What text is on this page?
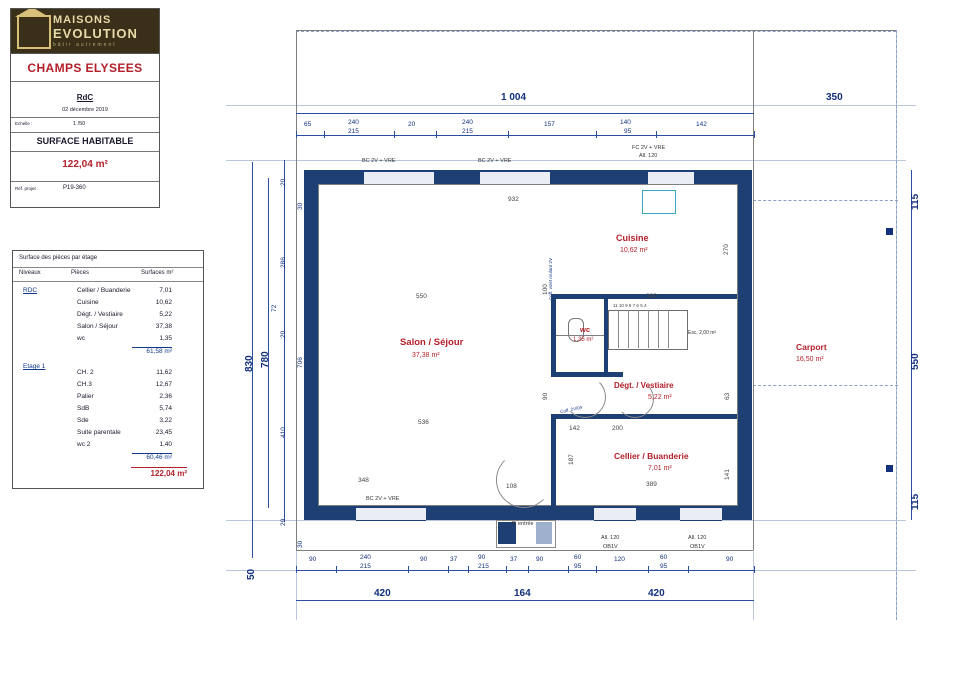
MAISONS
EVOLUTION
bâtir autrement
CHAMPS ELYSEES
RdC
02 décembre 2019
Echelle :	1 /50
SURFACE HABITABLE
122,04 m²
Réf. projet :	P19-360
Surface des pièces par étage
Niveaux	Pièces	Surfaces m²
RDC	Cellier / Buanderie	7,01
Cuisine	10,62
Dégt. / Vestiaire	5,22
Salon / Séjour	37,38
wc	1,35
61,58 m²
Etage 1
CH. 2	11,62
CH.3	12,67
Palier	2,36
SdB	5,74
Sde	3,22
Suite parentale	23,45
wc 2	1,40
60,46 m²
122,04 m²
11 10 9 8 7 6 5 4
Esc. 2,00 m²
P. entrée
Cuisine
10,62 m²
Salon / Séjour
37,38 m²
wc
1,35 m²
Dégt. / Vestiaire
5,22 m²
Cellier / Buanderie
7,01 m²
Carport
16,50 m²
BC 2V + VRE	BC 2V + VRE
FC 2V + VRE
All. 120
BC 2V + VRE
All. 120
OB1V
All. 120
OB1V
Coff. volet roulant 2V
Coff. 2V/04
1 004	350
65	240
215
20	240
215
157	140
95
142
830 780
50
20
30
286
20
72
706
410
20
30
115
550
115
90	240
215
90	37	90
215
37	90	60
95
120	60
95
90
420	164	420
932
550	389
536
389
348
108
200
142
187
270
100
90	63
141
